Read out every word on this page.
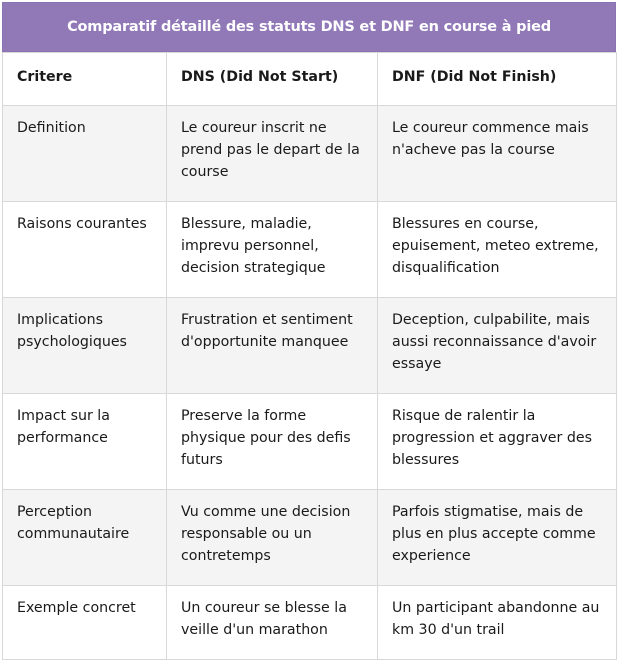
Comparatif détaillé des statuts DNS et DNF en course à pied
Critere	DNS (Did Not Start)	DNF (Did Not Finish)
Definition	Le coureur inscrit ne prend pas le depart de la course	Le coureur commence mais n'acheve pas la course
Raisons courantes	Blessure, maladie, imprevu personnel, decision strategique	Blessures en course, epuisement, meteo extreme, disqualification
Implications psychologiques	Frustration et sentiment d'opportunite manquee	Deception, culpabilite, mais aussi reconnaissance d'avoir essaye
Impact sur la performance	Preserve la forme physique pour des defis futurs	Risque de ralentir la progression et aggraver des blessures
Perception communautaire	Vu comme une decision responsable ou un contretemps	Parfois stigmatise, mais de plus en plus accepte comme experience
Exemple concret	Un coureur se blesse la veille d'un marathon	Un participant abandonne au km 30 d'un trail
